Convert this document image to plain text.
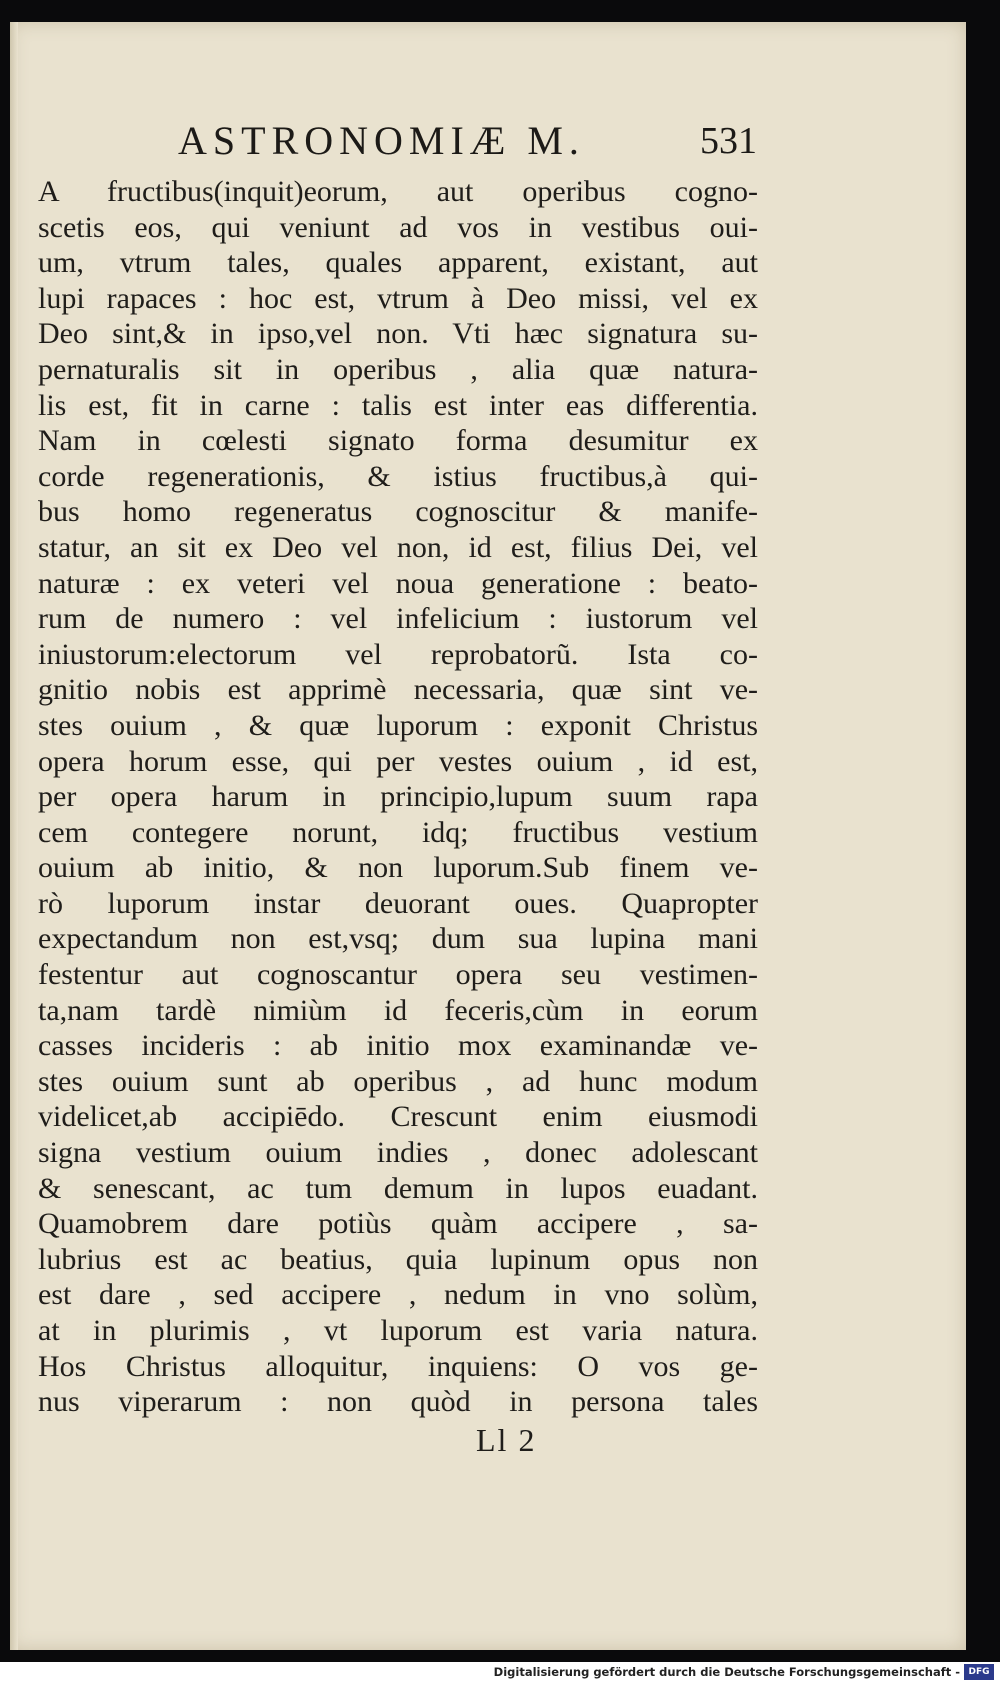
ASTRONOMIÆ M.	531
A fructibus(inquit)eorum, aut operibus cogno-
scetis eos, qui veniunt ad vos in vestibus oui-
um, vtrum tales, quales apparent, existant, aut
lupi rapaces : hoc est, vtrum à Deo missi, vel ex
Deo sint,& in ipso,vel non. Vti hæc signatura su-
pernaturalis sit in operibus , alia quæ natura-
lis est, fit in carne : talis est inter eas differentia.
Nam in cœlesti signato forma desumitur ex
corde regenerationis, & istius fructibus,à qui-
bus homo regeneratus cognoscitur & manife-
statur, an sit ex Deo vel non, id est, filius Dei, vel
naturæ : ex veteri vel noua generatione : beato-
rum de numero : vel infelicium : iustorum vel
iniustorum:electorum vel reprobatorũ. Ista co-
gnitio nobis est apprimè necessaria, quæ sint ve-
stes ouium , & quæ luporum : exponit Christus
opera horum esse, qui per vestes ouium , id est,
per opera harum in principio,lupum suum rapa
cem contegere norunt, idq; fructibus vestium
ouium ab initio, & non luporum.Sub finem ve-
rò luporum instar deuorant oues. Quapropter
expectandum non est,vsq; dum sua lupina mani
festentur aut cognoscantur opera seu vestimen-
ta,nam tardè nimiùm id feceris,cùm in eorum
casses incideris : ab initio mox examinandæ ve-
stes ouium sunt ab operibus , ad hunc modum
videlicet,ab accipiēdo. Crescunt enim eiusmodi
signa vestium ouium indies , donec adolescant
& senescant, ac tum demum in lupos euadant.
Quamobrem dare potiùs quàm accipere , sa-
lubrius est ac beatius, quia lupinum opus non
est dare , sed accipere , nedum in vno solùm,
at in plurimis , vt luporum est varia natura.
Hos Christus alloquitur, inquiens: O vos ge-
nus viperarum : non quòd in persona tales
Ll 2
Digitalisierung gefördert durch die Deutsche Forschungsgemeinschaft - DFG
